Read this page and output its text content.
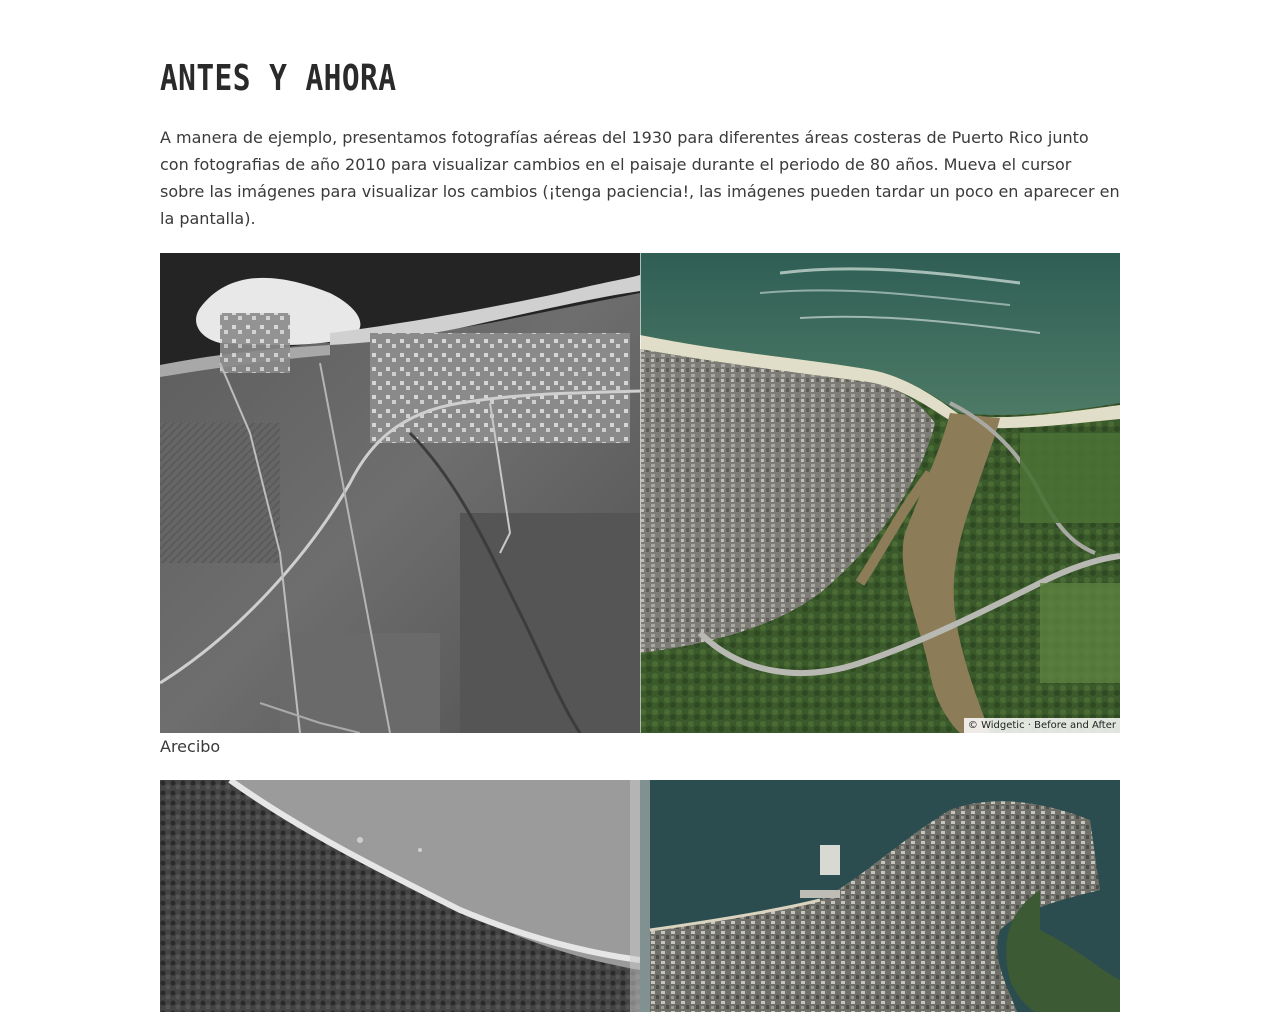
ANTES Y AHORA

A manera de ejemplo, presentamos fotografías aéreas del 1930 para diferentes áreas costeras de Puerto Rico junto con fotografias de año 2010 para visualizar cambios en el paisaje durante el periodo de 80 años. Mueva el cursor sobre las imágenes para visualizar los cambios (¡tenga paciencia!, las imágenes pueden tardar un poco en aparecer en la pantalla).

© Widgetic · Before and After

Arecibo
